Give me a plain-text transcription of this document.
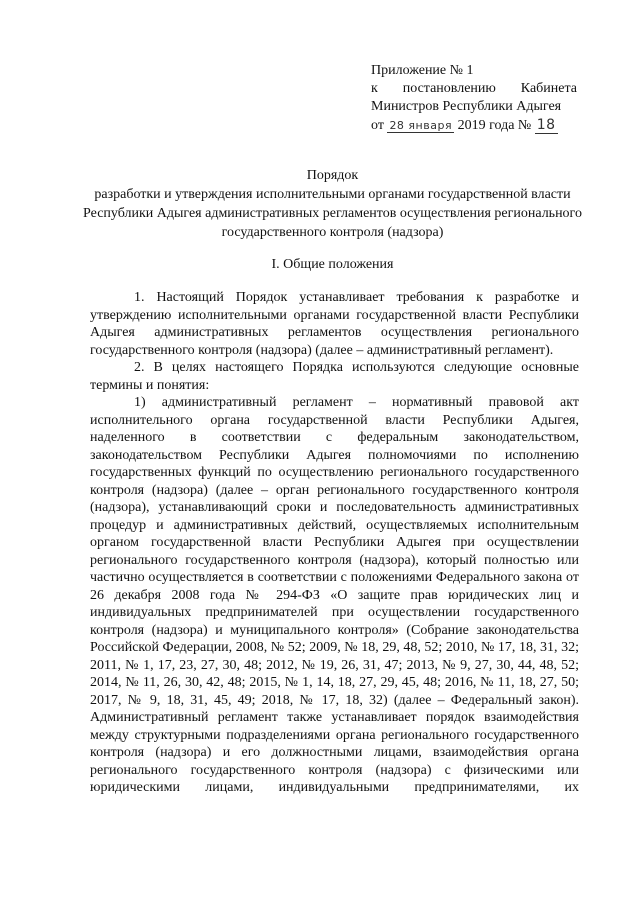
Приложение № 1
к постановлению Кабинета
Министров Республики Адыгея
от 28 января 2019 года № 18
Порядок
разработки и утверждения исполнительными органами государственной власти Республики Адыгея административных регламентов осуществления регионального государственного контроля (надзора)
I. Общие положения

1. Настоящий Порядок устанавливает требования к разработке и утверждению исполнительными органами государственной власти Республики Адыгея административных регламентов осуществления регионального государственного контроля (надзора) (далее – административный регламент).

2. В целях настоящего Порядка используются следующие основные термины и понятия:

1) административный регламент – нормативный правовой акт исполнительного органа государственной власти Республики Адыгея, наделенного в соответствии с федеральным законодательством, законодательством Республики Адыгея полномочиями по исполнению государственных функций по осуществлению регионального государственного контроля (надзора) (далее – орган регионального государственного контроля (надзора), устанавливающий сроки и последовательность административных процедур и административных действий, осуществляемых исполнительным органом государственной власти Республики Адыгея при осуществлении регионального государственного контроля (надзора), который полностью или частично осуществляется в соответствии с положениями Федерального закона от 26 декабря 2008 года № 294-ФЗ «О защите прав юридических лиц и индивидуальных предпринимателей при осуществлении государственного контроля (надзора) и муниципального контроля» (Собрание законодательства Российской Федерации, 2008, № 52; 2009, № 18, 29, 48, 52; 2010, № 17, 18, 31, 32; 2011, № 1, 17, 23, 27, 30, 48; 2012, № 19, 26, 31, 47; 2013, № 9, 27, 30, 44, 48, 52; 2014, № 11, 26, 30, 42, 48; 2015, № 1, 14, 18, 27, 29, 45, 48; 2016, № 11, 18, 27, 50; 2017, № 9, 18, 31, 45, 49; 2018, № 17, 18, 32) (далее – Федеральный закон). Административный регламент также устанавливает порядок взаимодействия между структурными подразделениями органа регионального государственного контроля (надзора) и его должностными лицами, взаимодействия органа регионального государственного контроля (надзора) с физическими или юридическими лицами, индивидуальными предпринимателями, их
